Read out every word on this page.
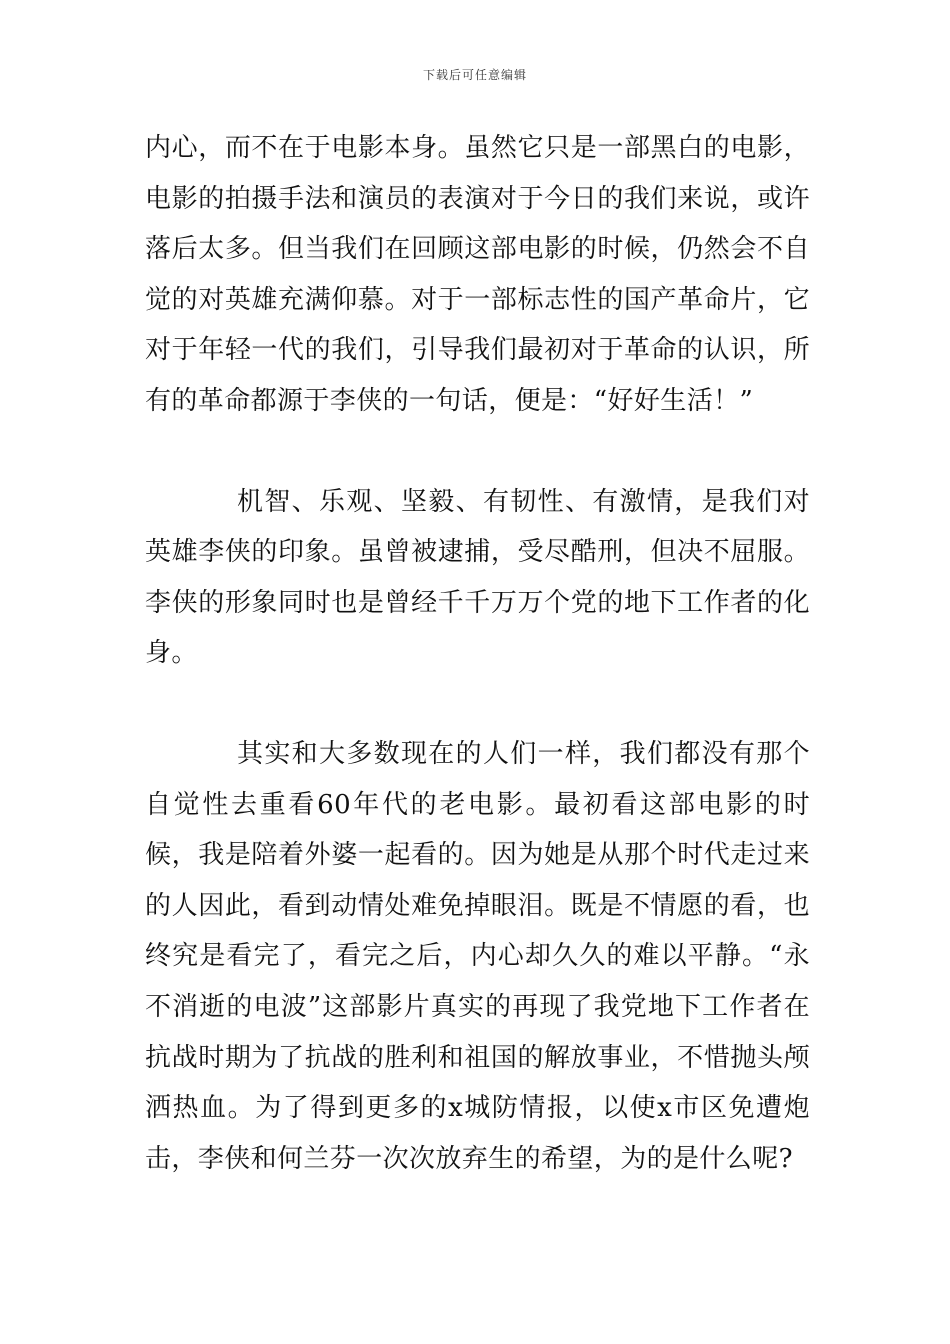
下载后可任意编辑

内心，而不在于电影本身。虽然它只是一部黑白的电影，电影的拍摄手法和演员的表演对于今日的我们来说，或许落后太多。但当我们在回顾这部电影的时候，仍然会不自觉的对英雄充满仰慕。对于一部标志性的国产革命片，它对于年轻一代的我们，引导我们最初对于革命的认识，所有的革命都源于李侠的一句话，便是：“好好生活！”

机智、乐观、坚毅、有韧性、有激情，是我们对英雄李侠的印象。虽曾被逮捕，受尽酷刑，但决不屈服。李侠的形象同时也是曾经千千万万个党的地下工作者的化身。

其实和大多数现在的人们一样，我们都没有那个自觉性去重看60年代的老电影。最初看这部电影的时候，我是陪着外婆一起看的。因为她是从那个时代走过来的人因此，看到动情处难免掉眼泪。既是不情愿的看，也终究是看完了，看完之后，内心却久久的难以平静。“永不消逝的电波”这部影片真实的再现了我党地下工作者在抗战时期为了抗战的胜利和祖国的解放事业，不惜抛头颅洒热血。为了得到更多的x城防情报，以使x市区免遭炮击，李侠和何兰芬一次次放弃生的希望，为的是什么呢?
